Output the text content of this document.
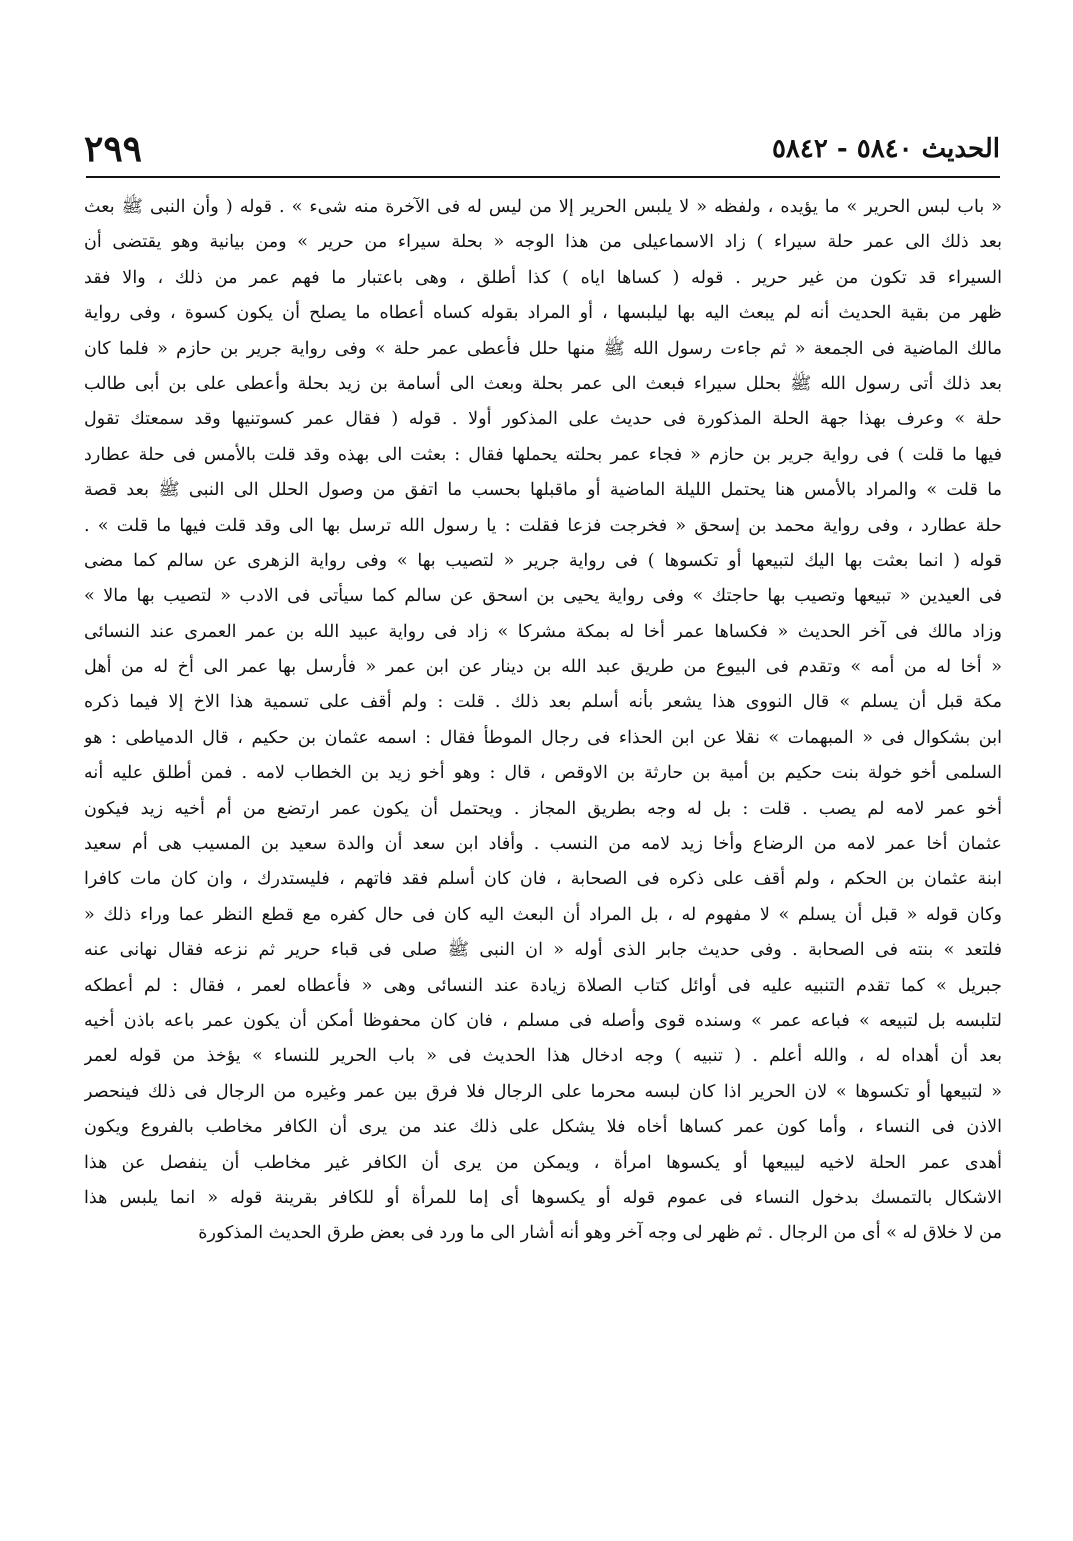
الحديث ٥٨٤٠ - ٥٨٤٢
٢٩٩
« باب لبس الحرير » ما يؤيده ، ولفظه « لا يلبس الحرير إلا من ليس له فى الآخرة منه شىء » . قوله ( وأن النبى ﷺ بعث
بعد ذلك الى عمر حلة سيراء ) زاد الاسماعيلى من هذا الوجه « بحلة سيراء من حرير » ومن بيانية وهو يقتضى أن
السيراء قد تكون من غير حرير . قوله ( كساها اياه ) كذا أطلق ، وهى باعتبار ما فهم عمر من ذلك ، والا فقد
ظهر من بقية الحديث أنه لم يبعث اليه بها ليلبسها ، أو المراد بقوله كساه أعطاه ما يصلح أن يكون كسوة ، وفى رواية
مالك الماضية فى الجمعة « ثم جاءت رسول الله ﷺ منها حلل فأعطى عمر حلة » وفى رواية جرير بن حازم « فلما كان
بعد ذلك أتى رسول الله ﷺ بحلل سيراء فبعث الى عمر بحلة وبعث الى أسامة بن زيد بحلة وأعطى على بن أبى طالب
حلة » وعرف بهذا جهة الحلة المذكورة فى حديث على المذكور أولا . قوله ( فقال عمر كسوتنيها وقد سمعتك تقول
فيها ما قلت ) فى رواية جرير بن حازم « فجاء عمر بحلته يحملها فقال : بعثت الى بهذه وقد قلت بالأمس فى حلة عطارد
ما قلت » والمراد بالأمس هنا يحتمل الليلة الماضية أو ماقبلها بحسب ما اتفق من وصول الحلل الى النبى ﷺ بعد قصة
حلة عطارد ، وفى رواية محمد بن إسحق « فخرجت فزعا فقلت : يا رسول الله ترسل بها الى وقد قلت فيها ما قلت » .
قوله ( انما بعثت بها اليك لتبيعها أو تكسوها ) فى رواية جرير « لتصيب بها » وفى رواية الزهرى عن سالم كما مضى
فى العيدين « تبيعها وتصيب بها حاجتك » وفى رواية يحيى بن اسحق عن سالم كما سيأتى فى الادب « لتصيب بها مالا »
وزاد مالك فى آخر الحديث « فكساها عمر أخا له بمكة مشركا » زاد فى رواية عبيد الله بن عمر العمرى عند النسائى
« أخا له من أمه » وتقدم فى البيوع من طريق عبد الله بن دينار عن ابن عمر « فأرسل بها عمر الى أخ له من أهل
مكة قبل أن يسلم » قال النووى هذا يشعر بأنه أسلم بعد ذلك . قلت : ولم أقف على تسمية هذا الاخ إلا فيما ذكره
ابن بشكوال فى « المبهمات » نقلا عن ابن الحذاء فى رجال الموطأ فقال : اسمه عثمان بن حكيم ، قال الدمياطى : هو
السلمى أخو خولة بنت حكيم بن أمية بن حارثة بن الاوقص ، قال : وهو أخو زيد بن الخطاب لامه . فمن أطلق عليه أنه
أخو عمر لامه لم يصب . قلت : بل له وجه بطريق المجاز . ويحتمل أن يكون عمر ارتضع من أم أخيه زيد فيكون
عثمان أخا عمر لامه من الرضاع وأخا زيد لامه من النسب . وأفاد ابن سعد أن والدة سعيد بن المسيب هى أم سعيد
ابنة عثمان بن الحكم ، ولم أقف على ذكره فى الصحابة ، فان كان أسلم فقد فاتهم ، فليستدرك ، وان كان مات كافرا
وكان قوله « قبل أن يسلم » لا مفهوم له ، بل المراد أن البعث اليه كان فى حال كفره مع قطع النظر عما وراء ذلك «
فلتعد » بنته فى الصحابة . وفى حديث جابر الذى أوله « ان النبى ﷺ صلى فى قباء حرير ثم نزعه فقال نهانى عنه
جبريل » كما تقدم التنبيه عليه فى أوائل كتاب الصلاة زيادة عند النسائى وهى « فأعطاه لعمر ، فقال : لم أعطكه
لتلبسه بل لتبيعه » فباعه عمر » وسنده قوى وأصله فى مسلم ، فان كان محفوظا أمكن أن يكون عمر باعه باذن أخيه
بعد أن أهداه له ، والله أعلم . ( تنبيه ) وجه ادخال هذا الحديث فى « باب الحرير للنساء » يؤخذ من قوله لعمر
« لتبيعها أو تكسوها » لان الحرير اذا كان لبسه محرما على الرجال فلا فرق بين عمر وغيره من الرجال فى ذلك فينحصر
الاذن فى النساء ، وأما كون عمر كساها أخاه فلا يشكل على ذلك عند من يرى أن الكافر مخاطب بالفروع ويكون
أهدى عمر الحلة لاخيه ليبيعها أو يكسوها امرأة ، ويمكن من يرى أن الكافر غير مخاطب أن ينفصل عن هذا
الاشكال بالتمسك بدخول النساء فى عموم قوله أو يكسوها أى إما للمرأة أو للكافر بقرينة قوله « انما يلبس هذا
من لا خلاق له » أى من الرجال . ثم ظهر لى وجه آخر وهو أنه أشار الى ما ورد فى بعض طرق الحديث المذكورة
